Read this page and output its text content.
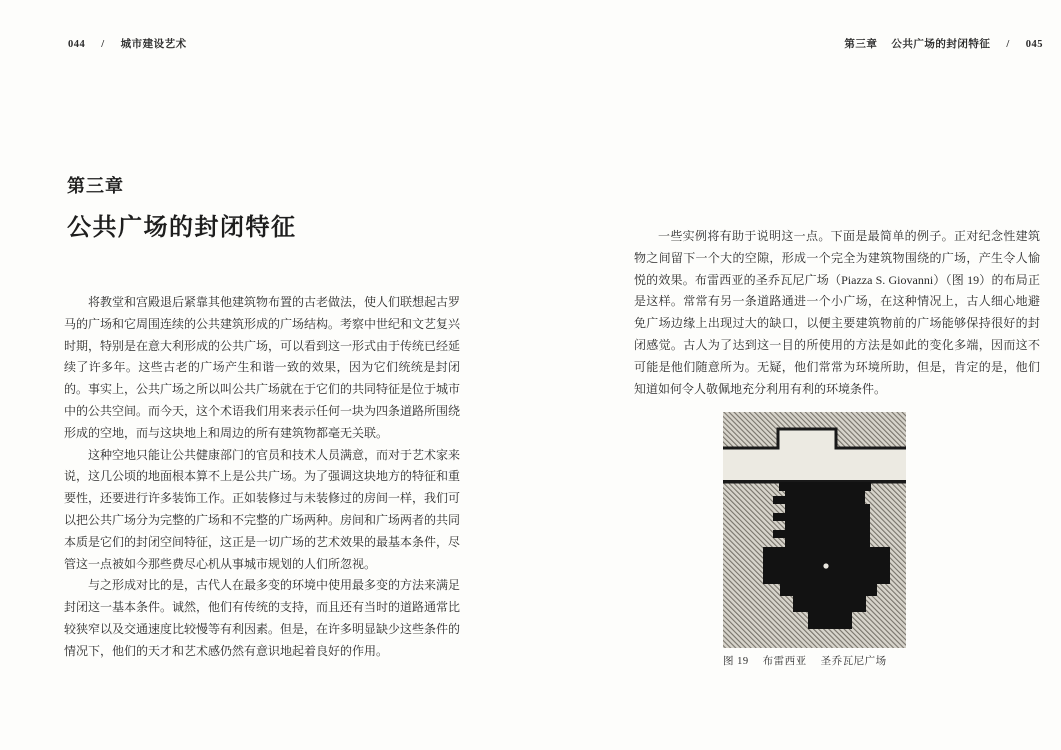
044 / 城市建设艺术	第三章 公共广场的封闭特征 / 045
第三章
公共广场的封闭特征

将教堂和宫殿退后紧靠其他建筑物布置的古老做法，使人们联想起古罗马的广场和它周围连续的公共建筑形成的广场结构。考察中世纪和文艺复兴时期，特别是在意大利形成的公共广场，可以看到这一形式由于传统已经延续了许多年。这些古老的广场产生和谐一致的效果，因为它们统统是封闭的。事实上，公共广场之所以叫公共广场就在于它们的共同特征是位于城市中的公共空间。而今天，这个术语我们用来表示任何一块为四条道路所围绕形成的空地，而与这块地上和周边的所有建筑物都毫无关联。

这种空地只能让公共健康部门的官员和技术人员满意，而对于艺术家来说，这几公顷的地面根本算不上是公共广场。为了强调这块地方的特征和重要性，还要进行许多装饰工作。正如装修过与未装修过的房间一样，我们可以把公共广场分为完整的广场和不完整的广场两种。房间和广场两者的共同本质是它们的封闭空间特征，这正是一切广场的艺术效果的最基本条件，尽管这一点被如今那些费尽心机从事城市规划的人们所忽视。

与之形成对比的是，古代人在最多变的环境中使用最多变的方法来满足封闭这一基本条件。诚然，他们有传统的支持，而且还有当时的道路通常比较狭窄以及交通速度比较慢等有利因素。但是，在许多明显缺少这些条件的情况下，他们的天才和艺术感仍然有意识地起着良好的作用。

一些实例将有助于说明这一点。下面是最简单的例子。正对纪念性建筑物之间留下一个大的空隙，形成一个完全为建筑物围绕的广场，产生令人愉悦的效果。布雷西亚的圣乔瓦尼广场（Piazza S. Giovanni）（图 19）的布局正是这样。常常有另一条道路通进一个小广场，在这种情况上，古人细心地避免广场边缘上出现过大的缺口，以便主要建筑物前的广场能够保持很好的封闭感觉。古人为了达到这一目的所使用的方法是如此的变化多端，因而这不可能是他们随意所为。无疑，他们常常为环境所助，但是，肯定的是，他们知道如何令人敬佩地充分利用有利的环境条件。

图 19 布雷西亚 圣乔瓦尼广场
